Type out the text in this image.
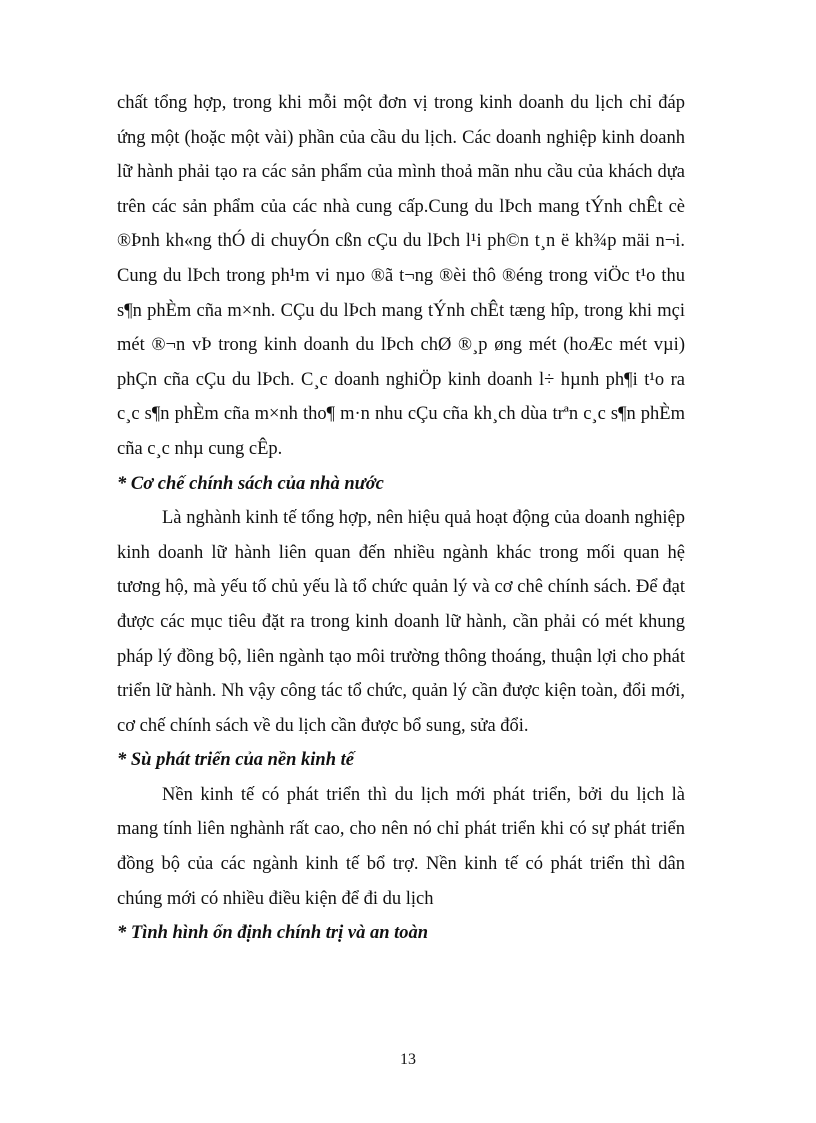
chất tổng hợp, trong khi mỗi một đơn vị trong kinh doanh du lịch chỉ đáp ứng một (hoặc một vài) phần của cầu du lịch. Các doanh nghiệp kinh doanh lữ hành phải tạo ra các sản phẩm của mình thoả mãn nhu cầu của khách dựa trên các sản phẩm của các nhà cung cấp.Cung du lÞch mang tÝnh chÊt cè ®Þnh kh«ng thÓ di chuyÓn cßn cÇu du lÞch l¹i ph©n t¸n ë kh¾p mäi n¬i. Cung du lÞch trong ph¹m vi nµo ®ã t¬ng ®èi thô ®éng trong viÖc t¹o thu s¶n phÈm cña m×nh. CÇu du lÞch mang tÝnh chÊt tæng hîp, trong khi mçi mét ®¬n vÞ trong kinh doanh du lÞch chØ ®¸p øng mét (hoÆc mét vµi) phÇn cña cÇu du lÞch. C¸c doanh nghiÖp kinh doanh l÷ hµnh ph¶i t¹o ra c¸c s¶n phÈm cña m×nh tho¶ m·n nhu cÇu cña kh¸ch dùa trªn c¸c s¶n phÈm cña c¸c nhµ cung cÊp.

* Cơ chế chính sách của nhà nước

Là nghành kinh tế tổng hợp, nên hiệu quả hoạt động của doanh nghiệp kinh doanh lữ hành liên quan đến nhiều ngành khác trong mối quan hệ tương hộ, mà yếu tố chủ yếu là tổ chức quản lý và cơ chê chính sách. Để đạt được các mục tiêu đặt ra trong kinh doanh lữ hành, cần phải có mét khung pháp lý đồng bộ, liên ngành tạo môi trường thông thoáng, thuận lợi cho phát triển lữ hành. Nh vậy công tác tổ chức, quản lý cần được kiện toàn, đổi mới, cơ chế chính sách về du lịch cần được bổ sung, sửa đổi.

* Sù phát triển của nền kinh tế

Nền kinh tế có phát triển thì du lịch mới phát triển, bởi du lịch là mang tính liên nghành rất cao, cho nên nó chỉ phát triển khi có sự phát triển đồng bộ của các ngành kinh tế bổ trợ. Nền kinh tế có phát triển thì dân chúng mới có nhiều điều kiện để đi du lịch

* Tình hình ổn định chính trị và an toàn

13
